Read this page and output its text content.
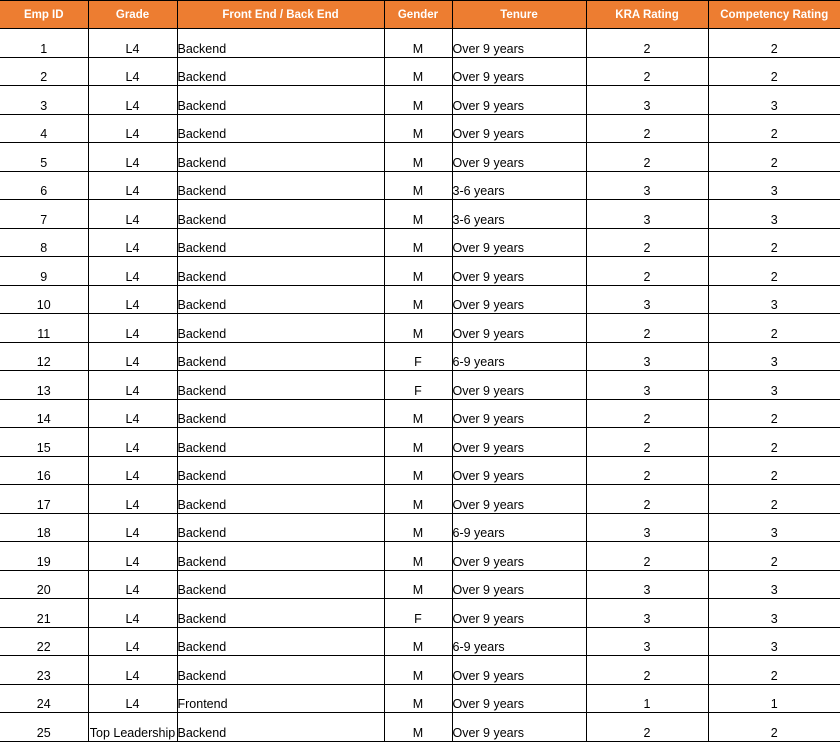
Emp ID	Grade	Front End / Back End	Gender	Tenure	KRA Rating	Competency Rating
1	L4	Backend	M	Over 9 years	2	2
2	L4	Backend	M	Over 9 years	2	2
3	L4	Backend	M	Over 9 years	3	3
4	L4	Backend	M	Over 9 years	2	2
5	L4	Backend	M	Over 9 years	2	2
6	L4	Backend	M	3-6 years	3	3
7	L4	Backend	M	3-6 years	3	3
8	L4	Backend	M	Over 9 years	2	2
9	L4	Backend	M	Over 9 years	2	2
10	L4	Backend	M	Over 9 years	3	3
11	L4	Backend	M	Over 9 years	2	2
12	L4	Backend	F	6-9 years	3	3
13	L4	Backend	F	Over 9 years	3	3
14	L4	Backend	M	Over 9 years	2	2
15	L4	Backend	M	Over 9 years	2	2
16	L4	Backend	M	Over 9 years	2	2
17	L4	Backend	M	Over 9 years	2	2
18	L4	Backend	M	6-9 years	3	3
19	L4	Backend	M	Over 9 years	2	2
20	L4	Backend	M	Over 9 years	3	3
21	L4	Backend	F	Over 9 years	3	3
22	L4	Backend	M	6-9 years	3	3
23	L4	Backend	M	Over 9 years	2	2
24	L4	Frontend	M	Over 9 years	1	1
25	Top Leadership	Backend	M	Over 9 years	2	2
